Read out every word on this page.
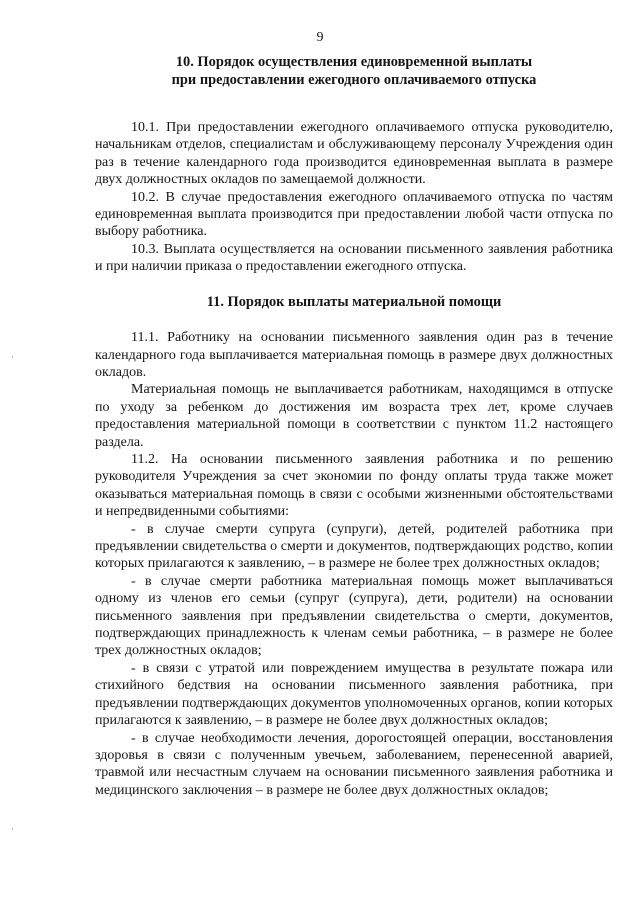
9
10. Порядок осуществления единовременной выплаты
при предоставлении ежегодного оплачиваемого отпуска

10.1. При предоставлении ежегодного оплачиваемого отпуска руководителю, начальникам отделов, специалистам и обслуживающему персоналу Учреждения один раз в течение календарного года производится единовременная выплата в размере двух должностных окладов по замещаемой должности.

10.2. В случае предоставления ежегодного оплачиваемого отпуска по частям единовременная выплата производится при предоставлении любой части отпуска по выбору работника.

10.3. Выплата осуществляется на основании письменного заявления работника и при наличии приказа о предоставлении ежегодного отпуска.

11. Порядок выплаты материальной помощи

11.1. Работнику на основании письменного заявления один раз в течение календарного года выплачивается материальная помощь в размере двух должностных окладов.

Материальная помощь не выплачивается работникам, находящимся в отпуске по уходу за ребенком до достижения им возраста трех лет, кроме случаев предоставления материальной помощи в соответствии с пунктом 11.2 настоящего раздела.

11.2. На основании письменного заявления работника и по решению руководителя Учреждения за счет экономии по фонду оплаты труда также может оказываться материальная помощь в связи с особыми жизненными обстоятельствами и непредвиденными событиями:

- в случае смерти супруга (супруги), детей, родителей работника при предъявлении свидетельства о смерти и документов, подтверждающих родство, копии которых прилагаются к заявлению, – в размере не более трех должностных окладов;

- в случае смерти работника материальная помощь может выплачиваться одному из членов его семьи (супруг (супруга), дети, родители) на основании письменного заявления при предъявлении свидетельства о смерти, документов, подтверждающих принадлежность к членам семьи работника, – в размере не более трех должностных окладов;

- в связи с утратой или повреждением имущества в результате пожара или стихийного бедствия на основании письменного заявления работника, при предъявлении подтверждающих документов уполномоченных органов, копии которых прилагаются к заявлению, – в размере не более двух должностных окладов;

- в случае необходимости лечения, дорогостоящей операции, восстановления здоровья в связи с полученным увечьем, заболеванием, перенесенной аварией, травмой или несчастным случаем на основании письменного заявления работника и медицинского заключения – в размере не более двух должностных окладов;
